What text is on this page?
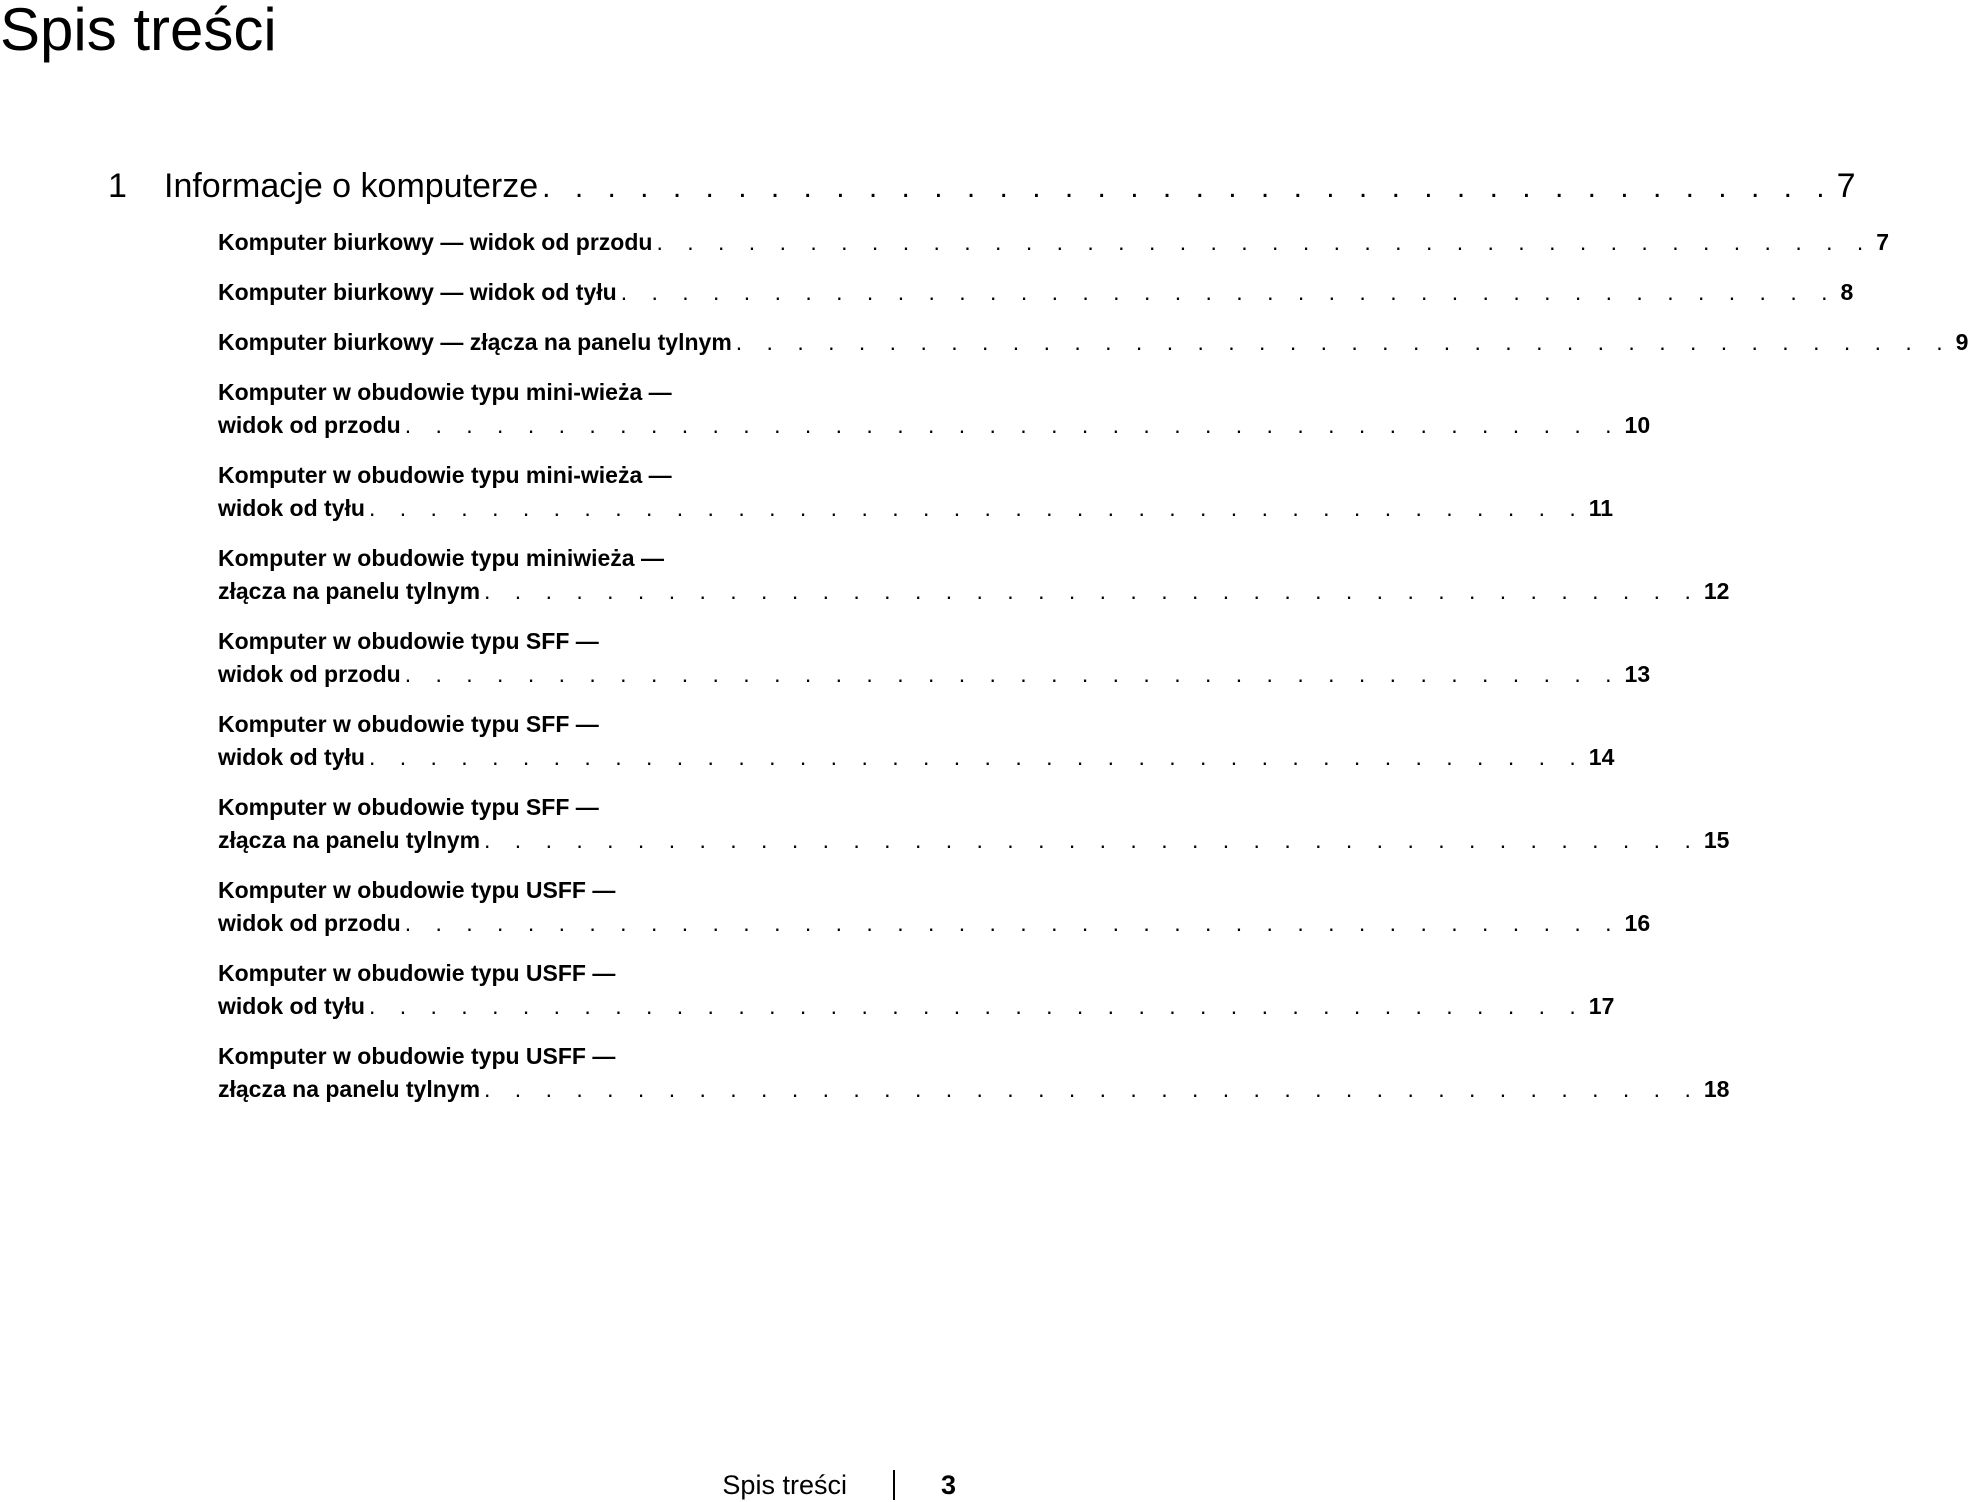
Spis treści
1 Informacje o komputerze . . . . . . . . . . . . . . . . . . . . . . . . . . . . . . . . . . . . . . . . 7
Komputer biurkowy — widok od przodu . . . . . . . . . . . . . . . . . . . . . . . . . . . . . . . . . . . . . . . . 7
Komputer biurkowy — widok od tyłu . . . . . . . . . . . . . . . . . . . . . . . . . . . . . . . . . . . . . . . . 8
Komputer biurkowy — złącza na panelu tylnym . . . . . . . . . . . . . . . . . . . . . . . . . . . . . . . . . . . . . . . . 9
Komputer w obudowie typu mini-wieża —
widok od przodu . . . . . . . . . . . . . . . . . . . . . . . . . . . . . . . . . . . . . . . . 10
Komputer w obudowie typu mini-wieża —
widok od tyłu . . . . . . . . . . . . . . . . . . . . . . . . . . . . . . . . . . . . . . . . 11
Komputer w obudowie typu miniwieża —
złącza na panelu tylnym . . . . . . . . . . . . . . . . . . . . . . . . . . . . . . . . . . . . . . . . 12
Komputer w obudowie typu SFF —
widok od przodu . . . . . . . . . . . . . . . . . . . . . . . . . . . . . . . . . . . . . . . . 13
Komputer w obudowie typu SFF —
widok od tyłu . . . . . . . . . . . . . . . . . . . . . . . . . . . . . . . . . . . . . . . . 14
Komputer w obudowie typu SFF —
złącza na panelu tylnym . . . . . . . . . . . . . . . . . . . . . . . . . . . . . . . . . . . . . . . . 15
Komputer w obudowie typu USFF —
widok od przodu . . . . . . . . . . . . . . . . . . . . . . . . . . . . . . . . . . . . . . . . 16
Komputer w obudowie typu USFF —
widok od tyłu . . . . . . . . . . . . . . . . . . . . . . . . . . . . . . . . . . . . . . . . 17
Komputer w obudowie typu USFF —
złącza na panelu tylnym . . . . . . . . . . . . . . . . . . . . . . . . . . . . . . . . . . . . . . . . 18
Spis treści	3
